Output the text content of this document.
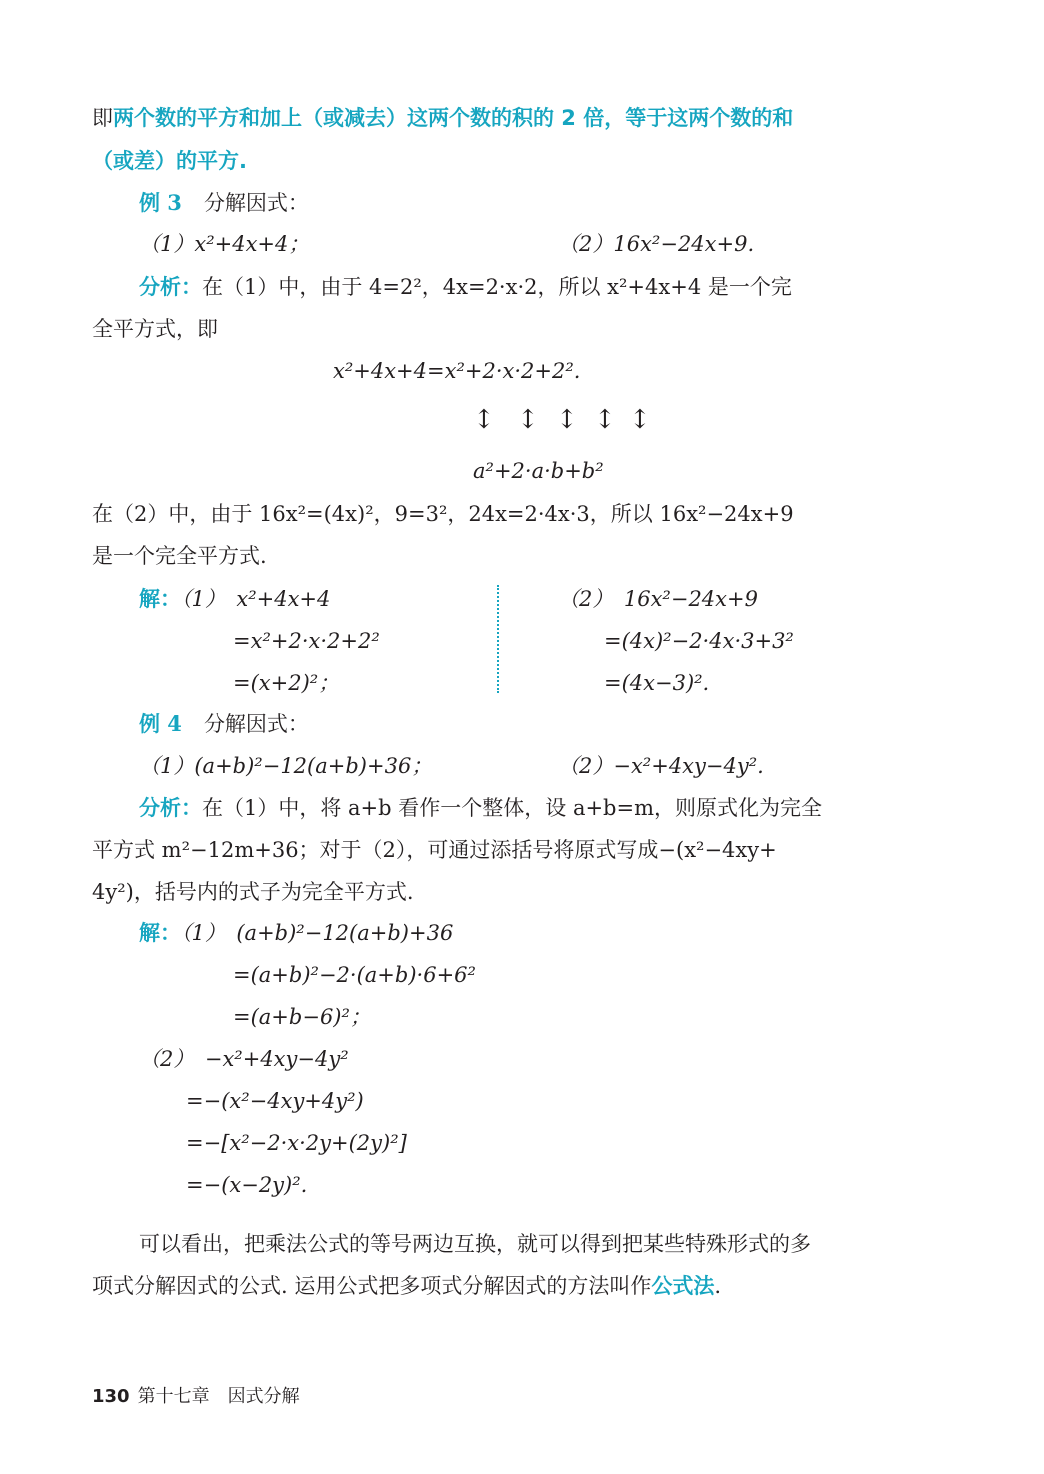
即两个数的平方和加上（或减去）这两个数的积的 2 倍，等于这两个数的和
（或差）的平方.
例 3 分解因式：
（1）x²+4x+4；	（2）16x²−24x+9.
分析：在（1）中，由于 4=2²，4x=2·x·2，所以 x²+4x+4 是一个完
全平方式，即
x²+4x+4=x²+2·x·2+2².
↕ ↕ ↕ ↕ ↕
a²+2·a·b+b²
在（2）中，由于 16x²=(4x)²，9=3²，24x=2·4x·3，所以 16x²−24x+9
是一个完全平方式.
解：（1）　x²+4x+4
=x²+2·x·2+2²
=(x+2)²；
（2）　16x²−24x+9
=(4x)²−2·4x·3+3²
=(4x−3)².
例 4 分解因式：
（1）(a+b)²−12(a+b)+36；	（2）−x²+4xy−4y².
分析：在（1）中，将 a+b 看作一个整体，设 a+b=m，则原式化为完全
平方式 m²−12m+36；对于（2），可通过添括号将原式写成−(x²−4xy+
4y²)，括号内的式子为完全平方式.
解：（1）　(a+b)²−12(a+b)+36
=(a+b)²−2·(a+b)·6+6²
=(a+b−6)²；
（2）　−x²+4xy−4y²
=−(x²−4xy+4y²)
=−[x²−2·x·2y+(2y)²]
=−(x−2y)².
可以看出，把乘法公式的等号两边互换，就可以得到把某些特殊形式的多
项式分解因式的公式. 运用公式把多项式分解因式的方法叫作公式法.
130 第十七章　因式分解
